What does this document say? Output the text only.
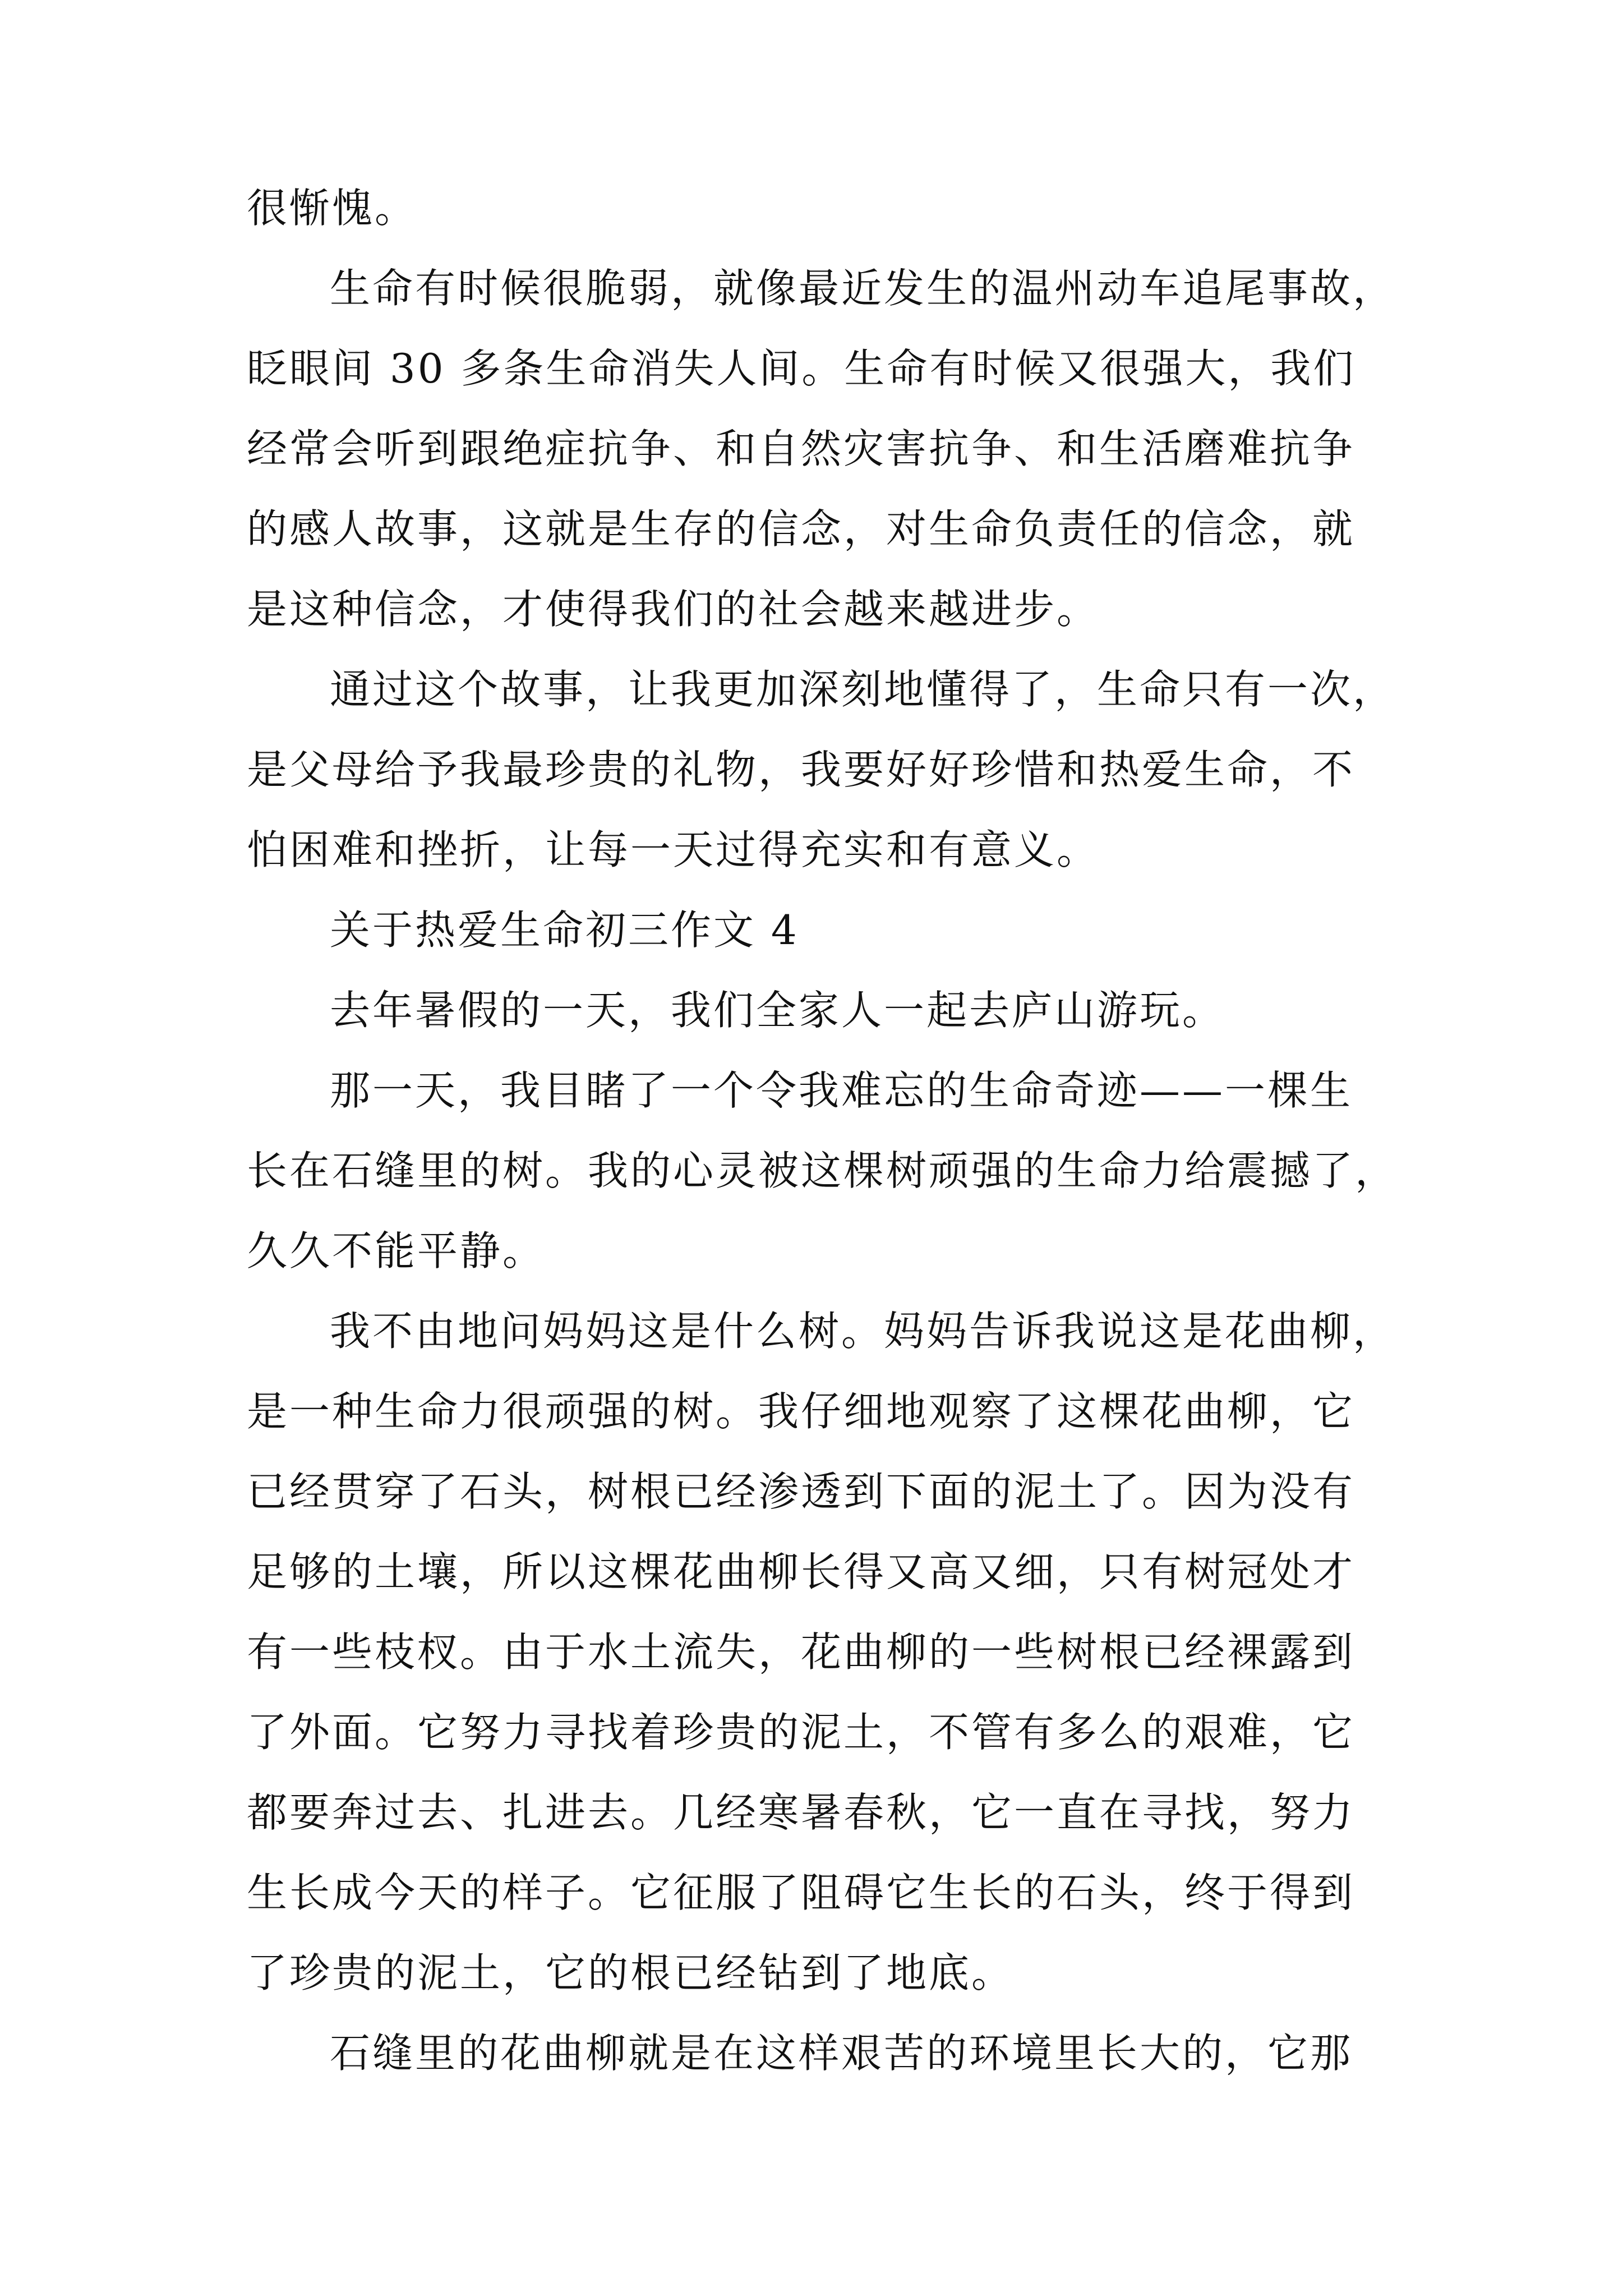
很惭愧。
生命有时候很脆弱，就像最近发生的温州动车追尾事故，
眨眼间 30 多条生命消失人间。生命有时候又很强大，我们
经常会听到跟绝症抗争、和自然灾害抗争、和生活磨难抗争
的感人故事，这就是生存的信念，对生命负责任的信念，就
是这种信念，才使得我们的社会越来越进步。
通过这个故事，让我更加深刻地懂得了，生命只有一次，
是父母给予我最珍贵的礼物，我要好好珍惜和热爱生命，不
怕困难和挫折，让每一天过得充实和有意义。
关于热爱生命初三作文 4
去年暑假的一天，我们全家人一起去庐山游玩。
那一天，我目睹了一个令我难忘的生命奇迹——一棵生
长在石缝里的树。我的心灵被这棵树顽强的生命力给震撼了，
久久不能平静。
我不由地问妈妈这是什么树。妈妈告诉我说这是花曲柳，
是一种生命力很顽强的树。我仔细地观察了这棵花曲柳，它
已经贯穿了石头，树根已经渗透到下面的泥土了。因为没有
足够的土壤，所以这棵花曲柳长得又高又细，只有树冠处才
有一些枝杈。由于水土流失，花曲柳的一些树根已经裸露到
了外面。它努力寻找着珍贵的泥土，不管有多么的艰难，它
都要奔过去、扎进去。几经寒暑春秋，它一直在寻找，努力
生长成今天的样子。它征服了阻碍它生长的石头，终于得到
了珍贵的泥土，它的根已经钻到了地底。
石缝里的花曲柳就是在这样艰苦的环境里长大的，它那
